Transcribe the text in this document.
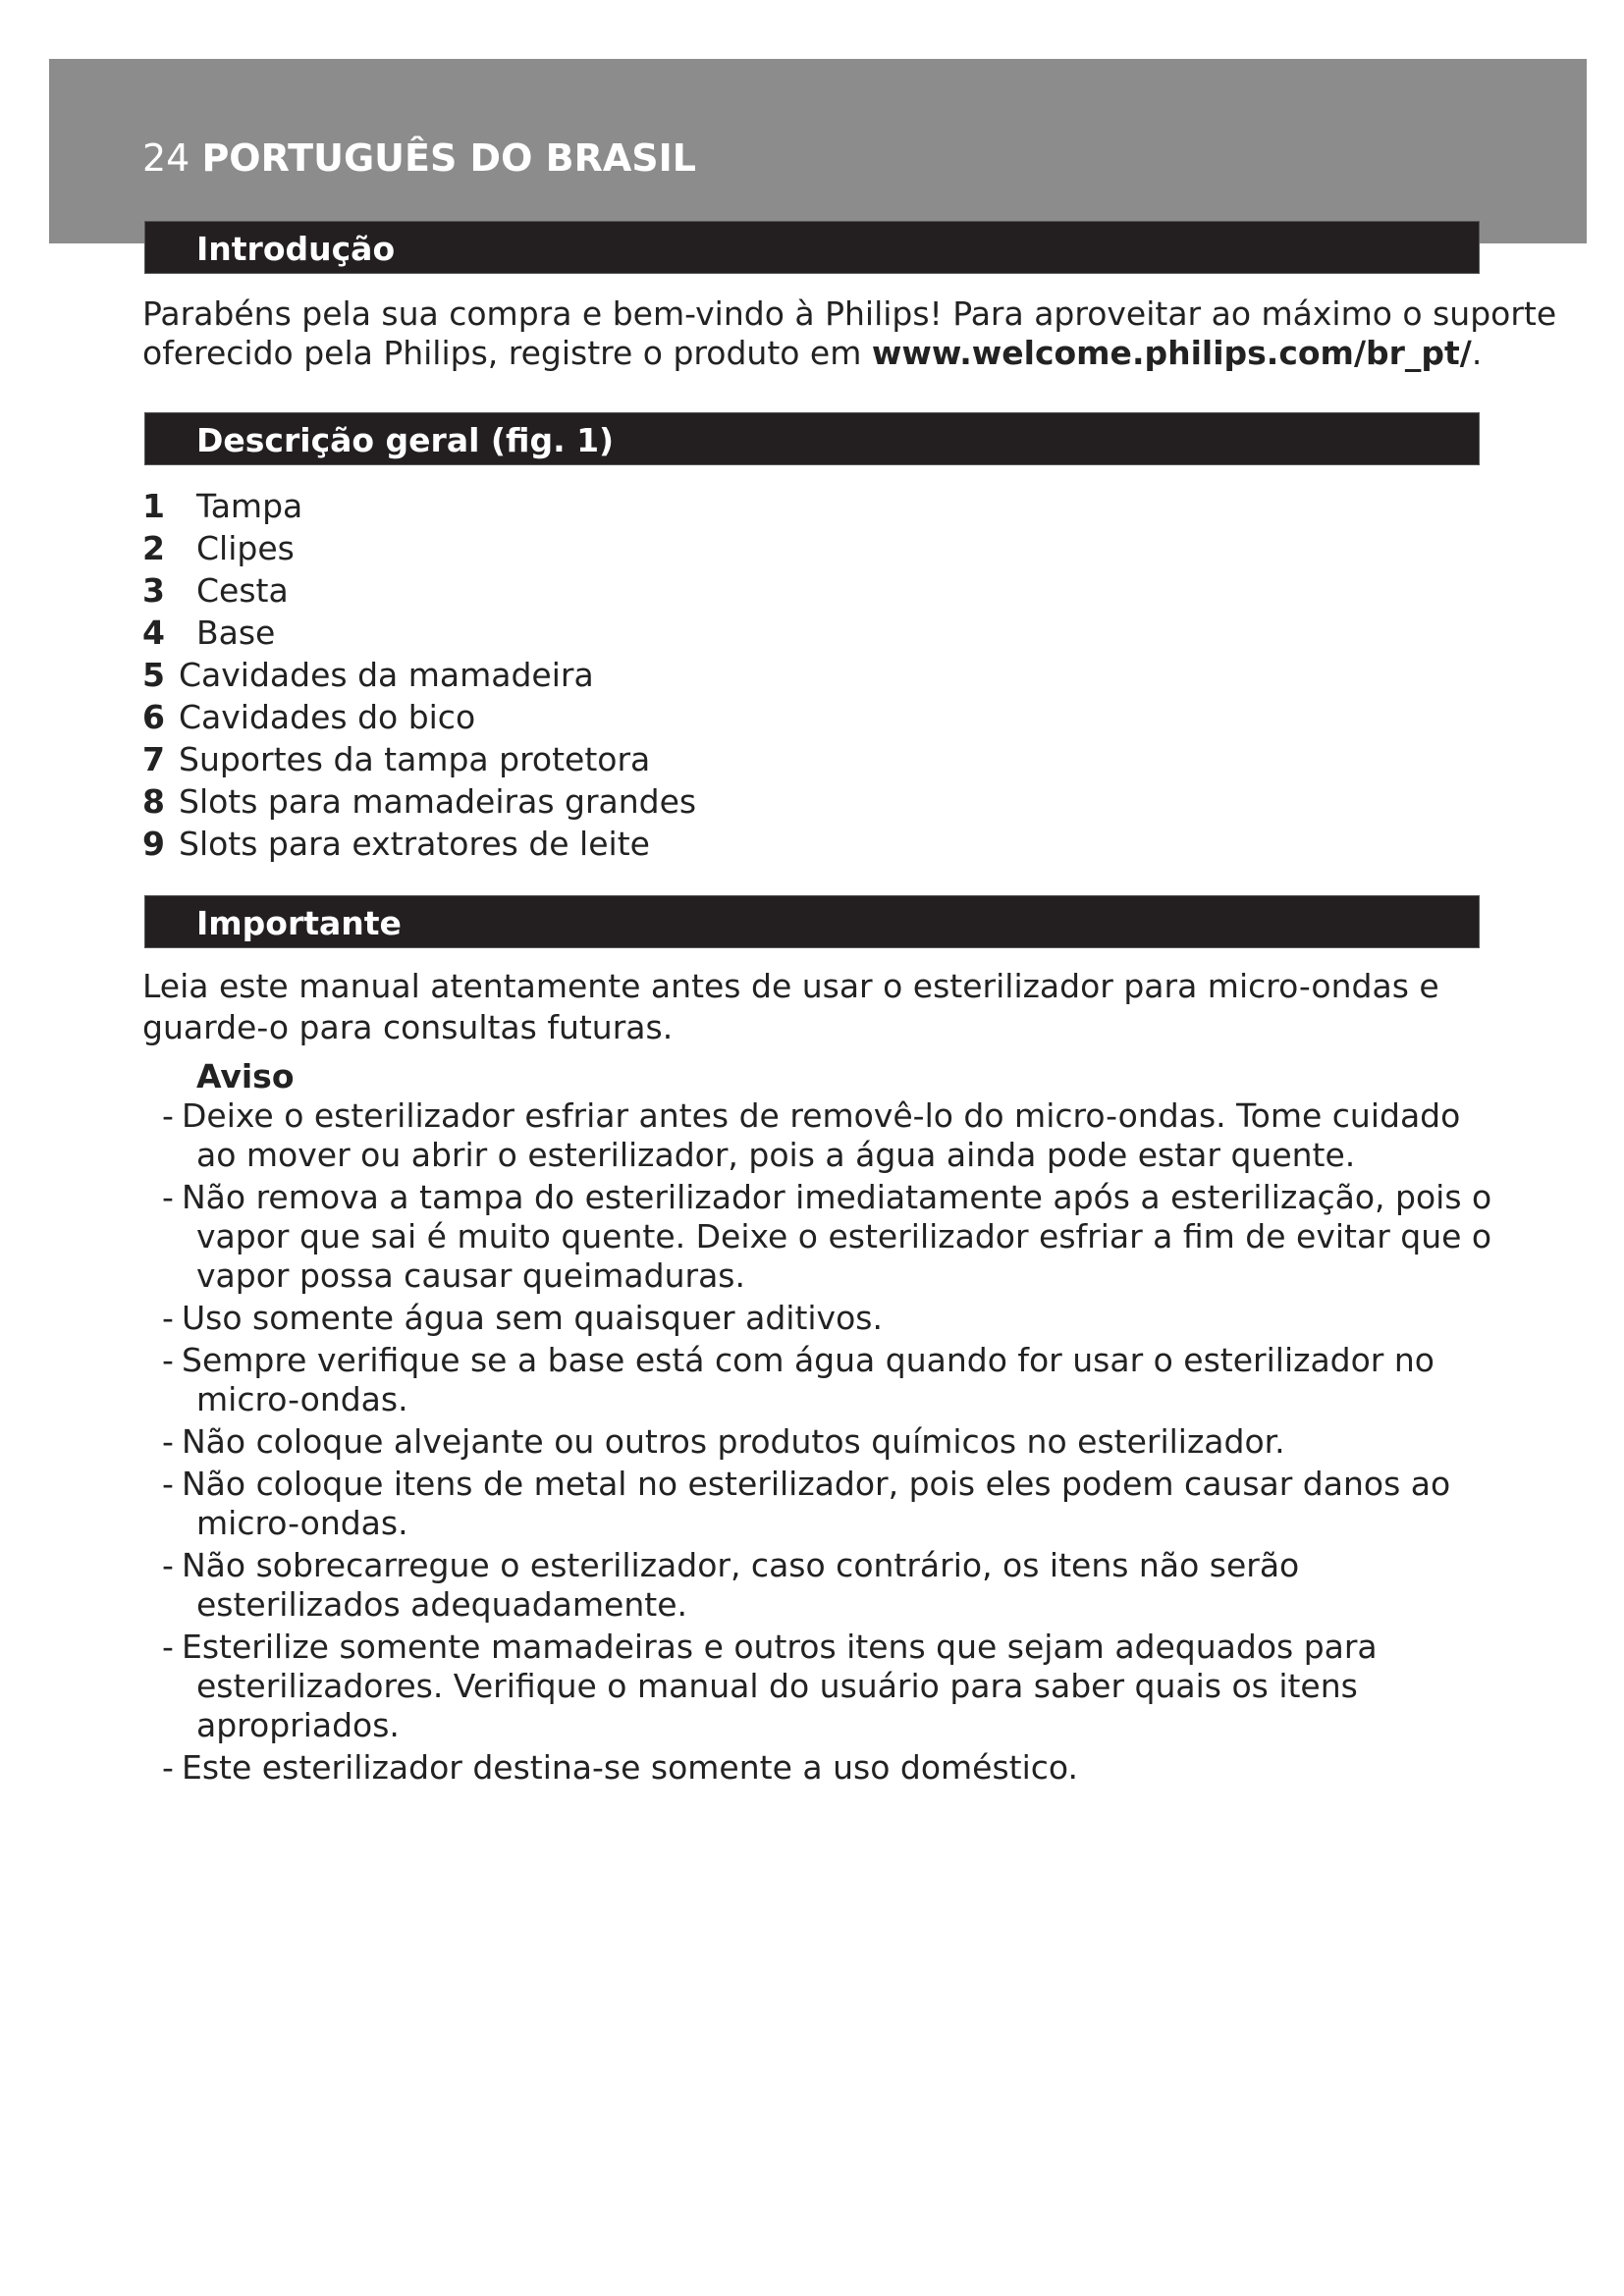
24 PORTUGUÊS DO BRASIL
Introdução

Parabéns pela sua compra e bem-vindo à Philips! Para aproveitar ao máximo o suporte

oferecido pela Philips, registre o produto em www.welcome.philips.com/br_pt/.

Descrição geral (fig. 1)
1 Tampa
2 Clipes
3 Cesta
4 Base
5 Cavidades da mamadeira
6 Cavidades do bico
7 Suportes da tampa protetora
8 Slots para mamadeiras grandes
9 Slots para extratores de leite
Importante

Leia este manual atentamente antes de usar o esterilizador para micro-ondas e

guarde-o para consultas futuras.

Aviso

- Deixe o esterilizador esfriar antes de removê-lo do micro-ondas. Tome cuidado ao mover ou abrir o esterilizador, pois a água ainda pode estar quente.
- Não remova a tampa do esterilizador imediatamente após a esterilização, pois o vapor que sai é muito quente. Deixe o esterilizador esfriar a fim de evitar que o vapor possa causar queimaduras.
- Uso somente água sem quaisquer aditivos.
- Sempre verifique se a base está com água quando for usar o esterilizador no micro-ondas.
- Não coloque alvejante ou outros produtos químicos no esterilizador.
- Não coloque itens de metal no esterilizador, pois eles podem causar danos ao micro-ondas.
- Não sobrecarregue o esterilizador, caso contrário, os itens não serão esterilizados adequadamente.
- Esterilize somente mamadeiras e outros itens que sejam adequados para esterilizadores. Verifique o manual do usuário para saber quais os itens apropriados.
- Este esterilizador destina-se somente a uso doméstico.
